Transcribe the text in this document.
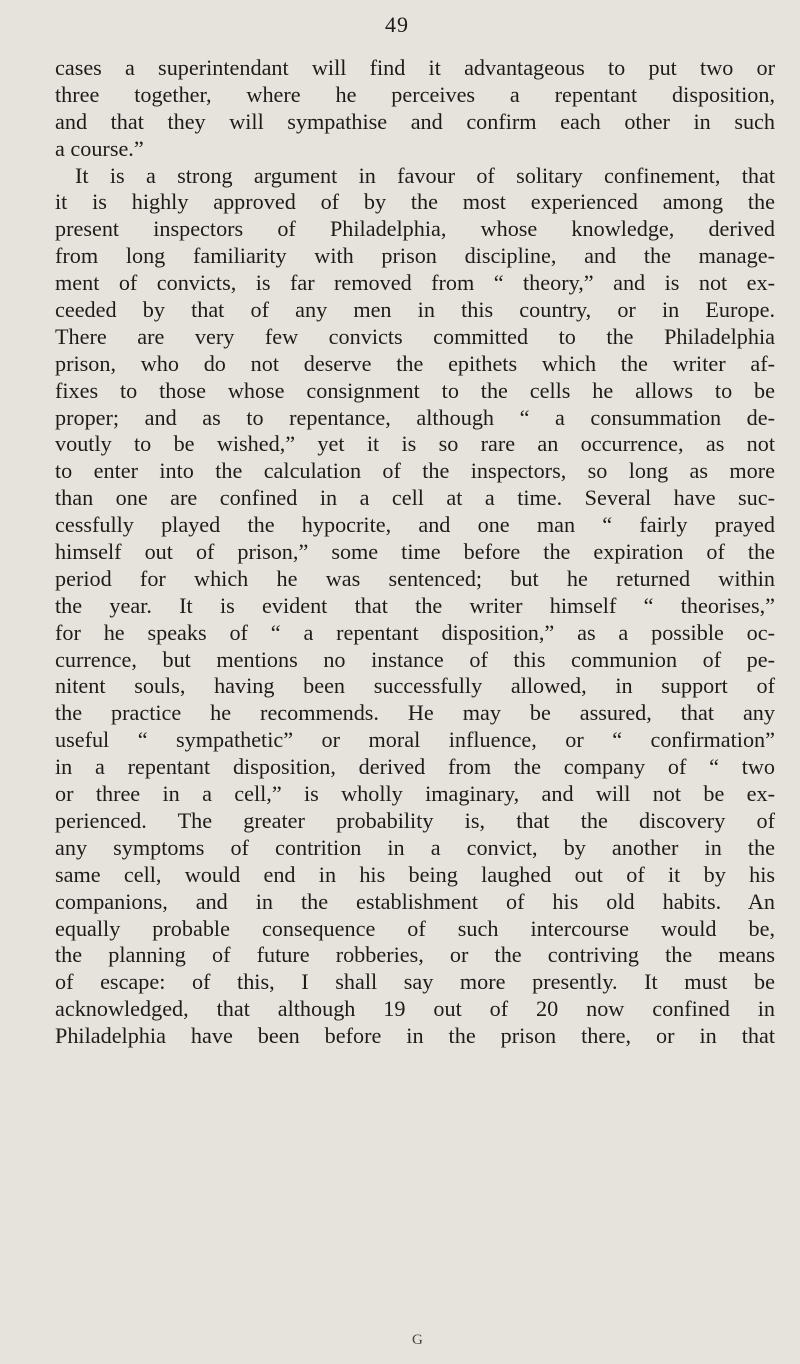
49
cases a superintendant will find it advantageous to put two or
three together, where he perceives a repentant disposition,
and that they will sympathise and confirm each other in such
a course.”
It is a strong argument in favour of solitary confinement, that
it is highly approved of by the most experienced among the
present inspectors of Philadelphia, whose knowledge, derived
from long familiarity with prison discipline, and the manage-
ment of convicts, is far removed from “ theory,” and is not ex-
ceeded by that of any men in this country, or in Europe.
There are very few convicts committed to the Philadelphia
prison, who do not deserve the epithets which the writer af-
fixes to those whose consignment to the cells he allows to be
proper; and as to repentance, although “ a consummation de-
voutly to be wished,” yet it is so rare an occurrence, as not
to enter into the calculation of the inspectors, so long as more
than one are confined in a cell at a time. Several have suc-
cessfully played the hypocrite, and one man “ fairly prayed
himself out of prison,” some time before the expiration of the
period for which he was sentenced; but he returned within
the year. It is evident that the writer himself “ theorises,”
for he speaks of “ a repentant disposition,” as a possible oc-
currence, but mentions no instance of this communion of pe-
nitent souls, having been successfully allowed, in support of
the practice he recommends. He may be assured, that any
useful “ sympathetic” or moral influence, or “ confirmation”
in a repentant disposition, derived from the company of “ two
or three in a cell,” is wholly imaginary, and will not be ex-
perienced. The greater probability is, that the discovery of
any symptoms of contrition in a convict, by another in the
same cell, would end in his being laughed out of it by his
companions, and in the establishment of his old habits. An
equally probable consequence of such intercourse would be,
the planning of future robberies, or the contriving the means
of escape: of this, I shall say more presently. It must be
acknowledged, that although 19 out of 20 now confined in
Philadelphia have been before in the prison there, or in that
G
